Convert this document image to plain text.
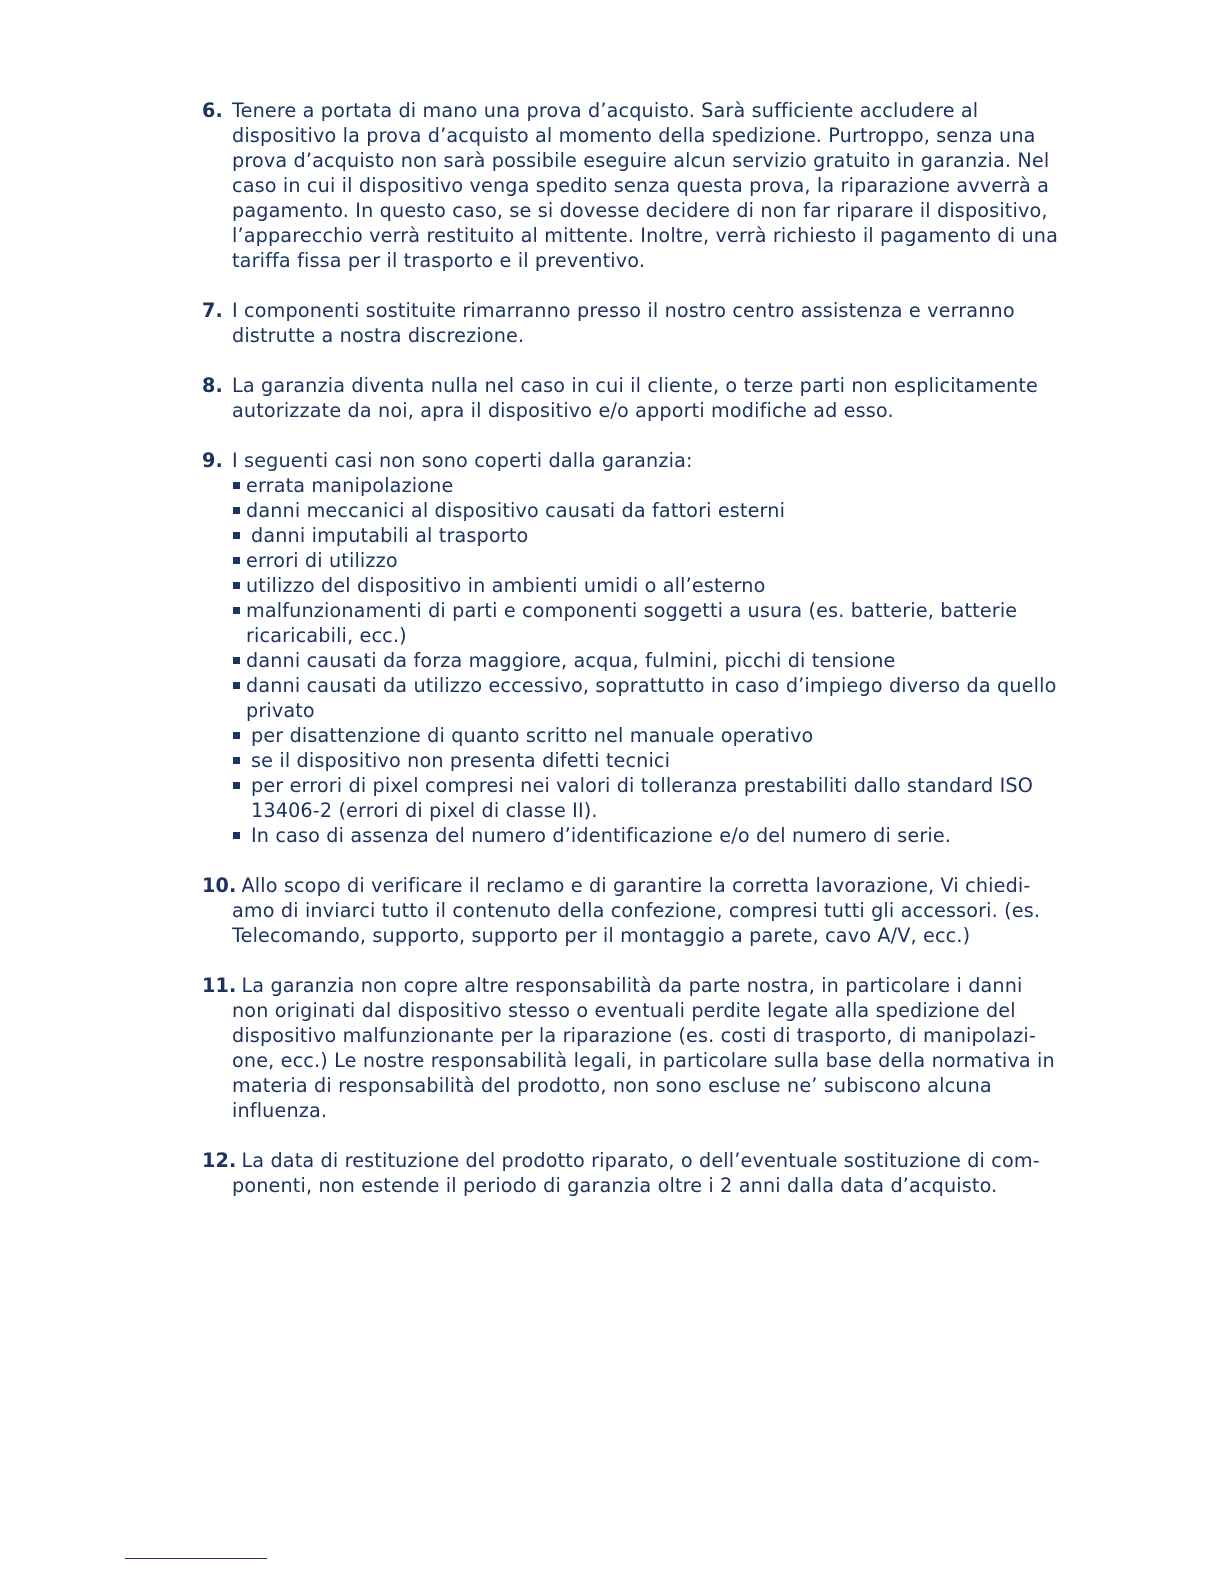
6. Tenere a portata di mano una prova d’acquisto. Sarà sufficiente accludere al dispositivo la prova d’acquisto al momento della spedizione. Purtroppo, senza una prova d’acquisto non sarà possibile eseguire alcun servizio gratuito in garanzia. Nel caso in cui il dispositivo venga spedito senza questa prova, la riparazione avverrà a pagamento. In questo caso, se si dovesse decidere di non far riparare il dispositivo, l’apparecchio verrà restituito al mittente. Inoltre, verrà richiesto il pagamento di una tariffa fissa per il trasporto e il preventivo.
7. I componenti sostituite rimarranno presso il nostro centro assistenza e verranno distrutte a nostra discrezione.
8. La garanzia diventa nulla nel caso in cui il cliente, o terze parti non esplicitamente autorizzate da noi, apra il dispositivo e/o apporti modifiche ad esso.
9. I seguenti casi non sono coperti dalla garanzia:
errata manipolazione
danni meccanici al dispositivo causati da fattori esterni
danni imputabili al trasporto
errori di utilizzo
utilizzo del dispositivo in ambienti umidi o all’esterno
malfunzionamenti di parti e componenti soggetti a usura (es. batterie, batterie ricaricabili, ecc.)
danni causati da forza maggiore, acqua, fulmini, picchi di tensione
danni causati da utilizzo eccessivo, soprattutto in caso d’impiego diverso da quello privato
per disattenzione di quanto scritto nel manuale operativo
se il dispositivo non presenta difetti tecnici
per errori di pixel compresi nei valori di tolleranza prestabiliti dallo standard ISO 13406-2 (errori di pixel di classe II).
In caso di assenza del numero d’identificazione e/o del numero di serie.
10. Allo scopo di verificare il reclamo e di garantire la corretta lavorazione, Vi chiediamo di inviarci tutto il contenuto della confezione, compresi tutti gli accessori. (es. Telecomando, supporto, supporto per il montaggio a parete, cavo A/V, ecc.)
11. La garanzia non copre altre responsabilità da parte nostra, in particolare i danni non originati dal dispositivo stesso o eventuali perdite legate alla spedizione del dispositivo malfunzionante per la riparazione (es. costi di trasporto, di manipolazione, ecc.) Le nostre responsabilità legali, in particolare sulla base della normativa in materia di responsabilità del prodotto, non sono escluse ne’ subiscono alcuna influenza.
12. La data di restituzione del prodotto riparato, o dell’eventuale sostituzione di componenti, non estende il periodo di garanzia oltre i 2 anni dalla data d’acquisto.
